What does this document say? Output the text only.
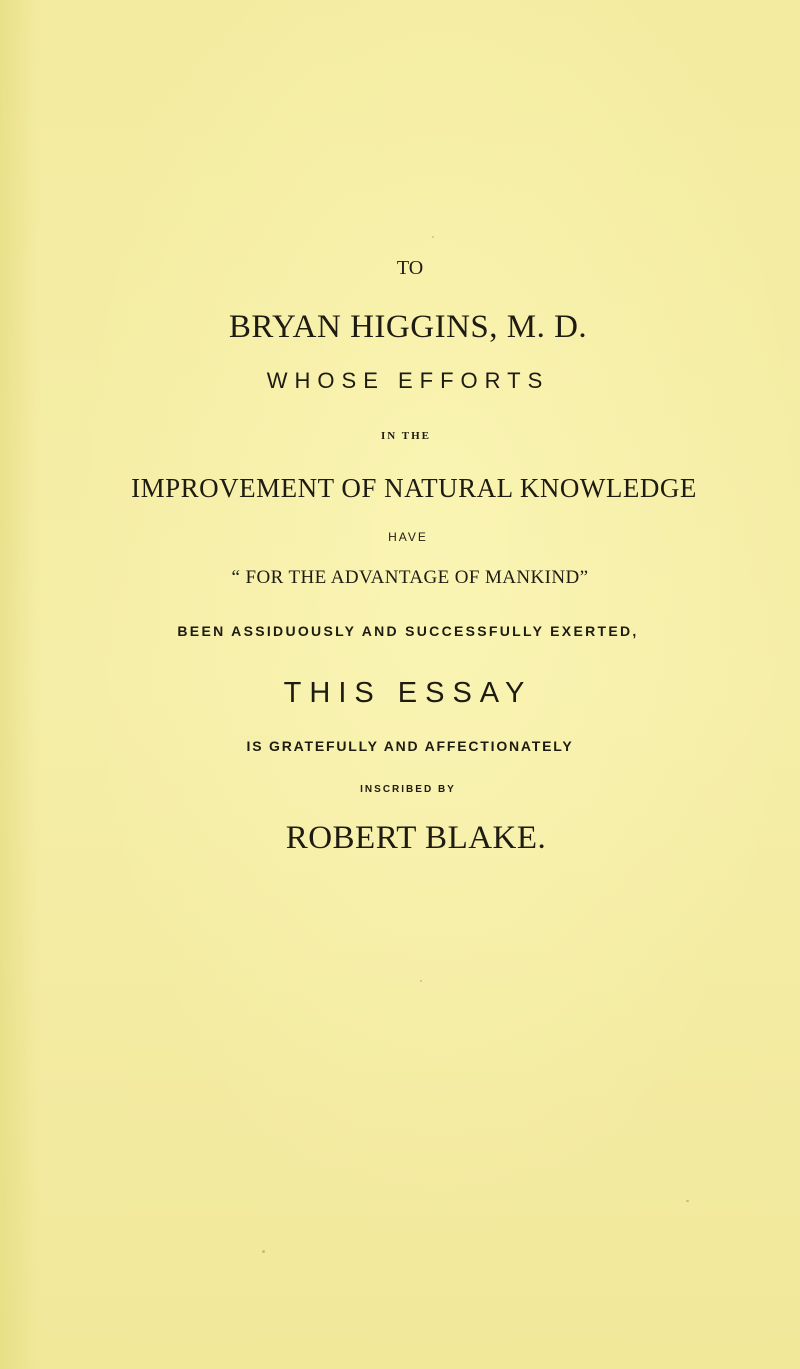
TO

BRYAN HIGGINS, M. D.

WHOSE EFFORTS

IN THE

IMPROVEMENT OF NATURAL KNOWLEDGE

HAVE

“ FOR THE ADVANTAGE OF MANKIND”

BEEN ASSIDUOUSLY AND SUCCESSFULLY EXERTED,

THIS ESSAY

IS GRATEFULLY AND AFFECTIONATELY

INSCRIBED BY

ROBERT BLAKE.
